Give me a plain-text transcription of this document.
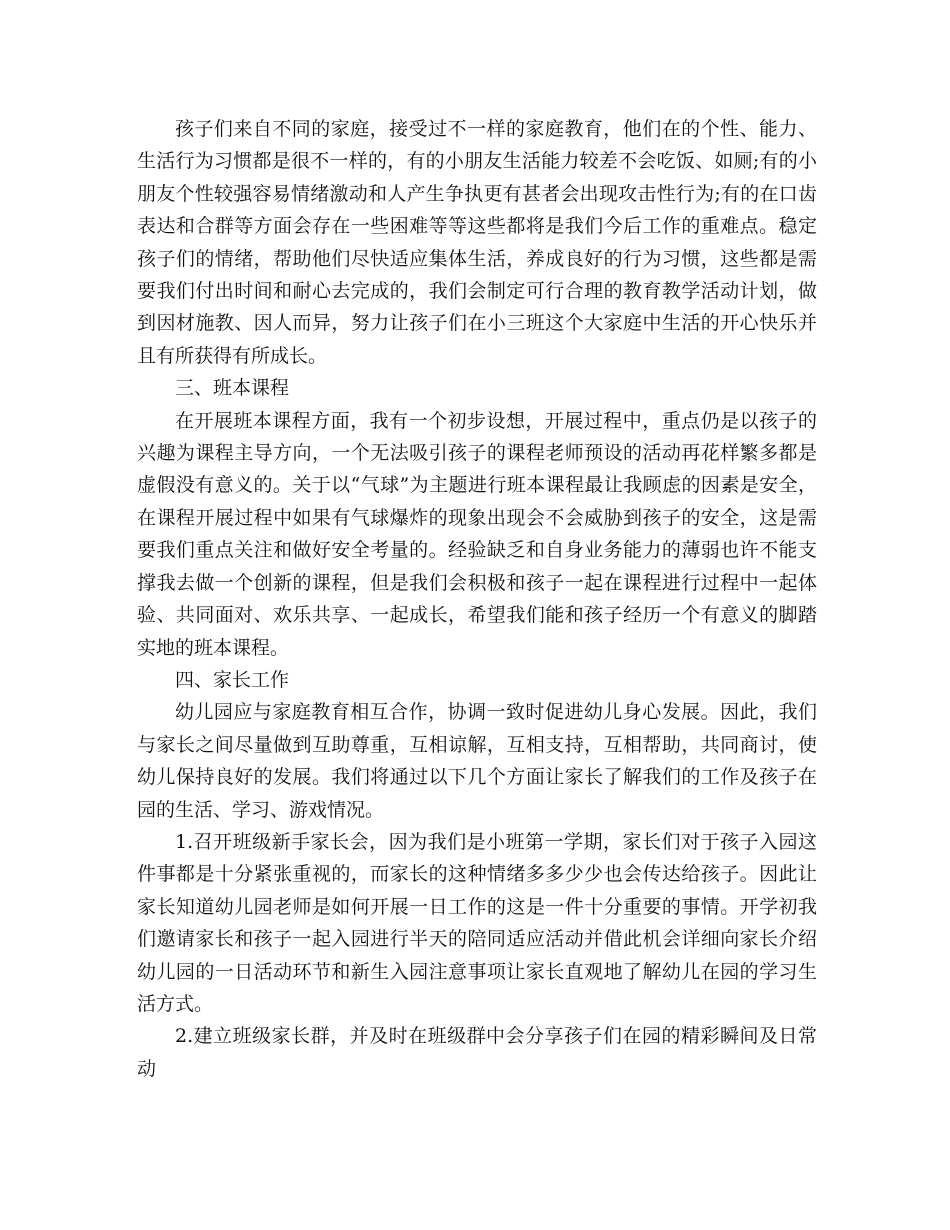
孩子们来自不同的家庭，接受过不一样的家庭教育，他们在的个性、能力、生活行为习惯都是很不一样的，有的小朋友生活能力较差不会吃饭、如厕;有的小朋友个性较强容易情绪激动和人产生争执更有甚者会出现攻击性行为;有的在口齿表达和合群等方面会存在一些困难等等这些都将是我们今后工作的重难点。稳定孩子们的情绪，帮助他们尽快适应集体生活，养成良好的行为习惯，这些都是需要我们付出时间和耐心去完成的，我们会制定可行合理的教育教学活动计划，做到因材施教、因人而异，努力让孩子们在小三班这个大家庭中生活的开心快乐并且有所获得有所成长。

三、班本课程

在开展班本课程方面，我有一个初步设想，开展过程中，重点仍是以孩子的兴趣为课程主导方向，一个无法吸引孩子的课程老师预设的活动再花样繁多都是虚假没有意义的。关于以“气球”为主题进行班本课程最让我顾虑的因素是安全，在课程开展过程中如果有气球爆炸的现象出现会不会威胁到孩子的安全，这是需要我们重点关注和做好安全考量的。经验缺乏和自身业务能力的薄弱也许不能支撑我去做一个创新的课程，但是我们会积极和孩子一起在课程进行过程中一起体验、共同面对、欢乐共享、一起成长，希望我们能和孩子经历一个有意义的脚踏实地的班本课程。

四、家长工作

幼儿园应与家庭教育相互合作，协调一致时促进幼儿身心发展。因此，我们与家长之间尽量做到互助尊重，互相谅解，互相支持，互相帮助，共同商讨，使幼儿保持良好的发展。我们将通过以下几个方面让家长了解我们的工作及孩子在园的生活、学习、游戏情况。

1.召开班级新手家长会，因为我们是小班第一学期，家长们对于孩子入园这件事都是十分紧张重视的，而家长的这种情绪多多少少也会传达给孩子。因此让家长知道幼儿园老师是如何开展一日工作的这是一件十分重要的事情。开学初我们邀请家长和孩子一起入园进行半天的陪同适应活动并借此机会详细向家长介绍幼儿园的一日活动环节和新生入园注意事项让家长直观地了解幼儿在园的学习生活方式。

2.建立班级家长群，并及时在班级群中会分享孩子们在园的精彩瞬间及日常动
